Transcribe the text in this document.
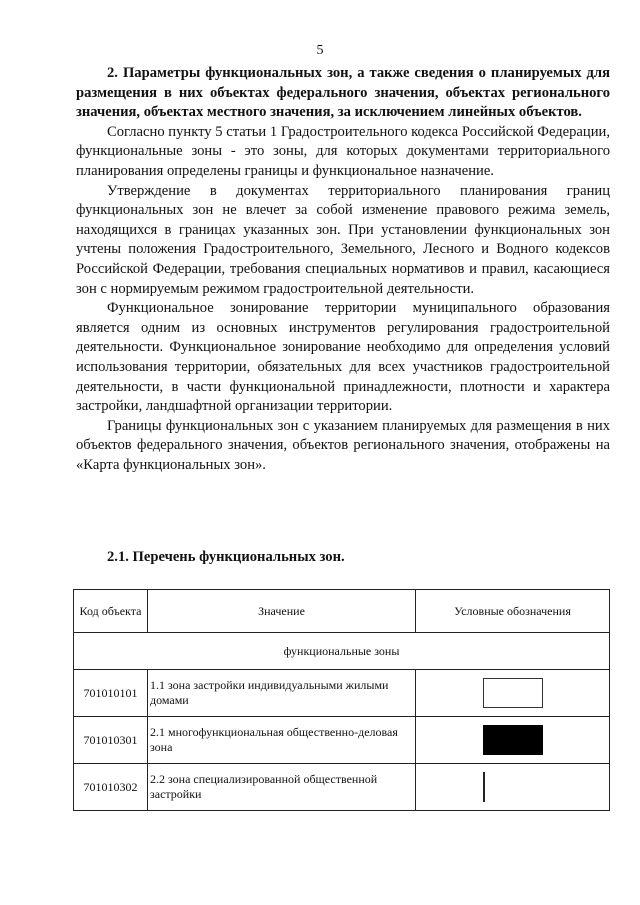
5

2. Параметры функциональных зон, а также сведения о планируемых для размещения в них объектах федерального значения, объектах регионального значения, объектах местного значения, за исключением линейных объектов.

Согласно пункту 5 статьи 1 Градостроительного кодекса Российской Федерации, функциональные зоны - это зоны, для которых документами территориального планирования определены границы и функциональное назначение.

Утверждение в документах территориального планирования границ функциональных зон не влечет за собой изменение правового режима земель, находящихся в границах указанных зон. При установлении функциональных зон учтены положения Градостроительного, Земельного, Лесного и Водного кодексов Российской Федерации, требования специальных нормативов и правил, касающиеся зон с нормируемым режимом градостроительной деятельности.

Функциональное зонирование территории муниципального образования является одним из основных инструментов регулирования градостроительной деятельности. Функциональное зонирование необходимо для определения условий использования территории, обязательных для всех участников градостроительной деятельности, в части функциональной принадлежности, плотности и характера застройки, ландшафтной организации территории.

Границы функциональных зон с указанием планируемых для размещения в них объектов федерального значения, объектов регионального значения, отображены на «Карта функциональных зон».

2.1. Перечень функциональных зон.
Код объекта	Значение	Условные обозначения
функциональные зоны		
701010101	1.1 зона застройки индивидуальными жилыми домами	

701010301	2.1 многофункциональная общественно-деловая зона	

701010302	2.2 зона специализированной общественной застройки	
